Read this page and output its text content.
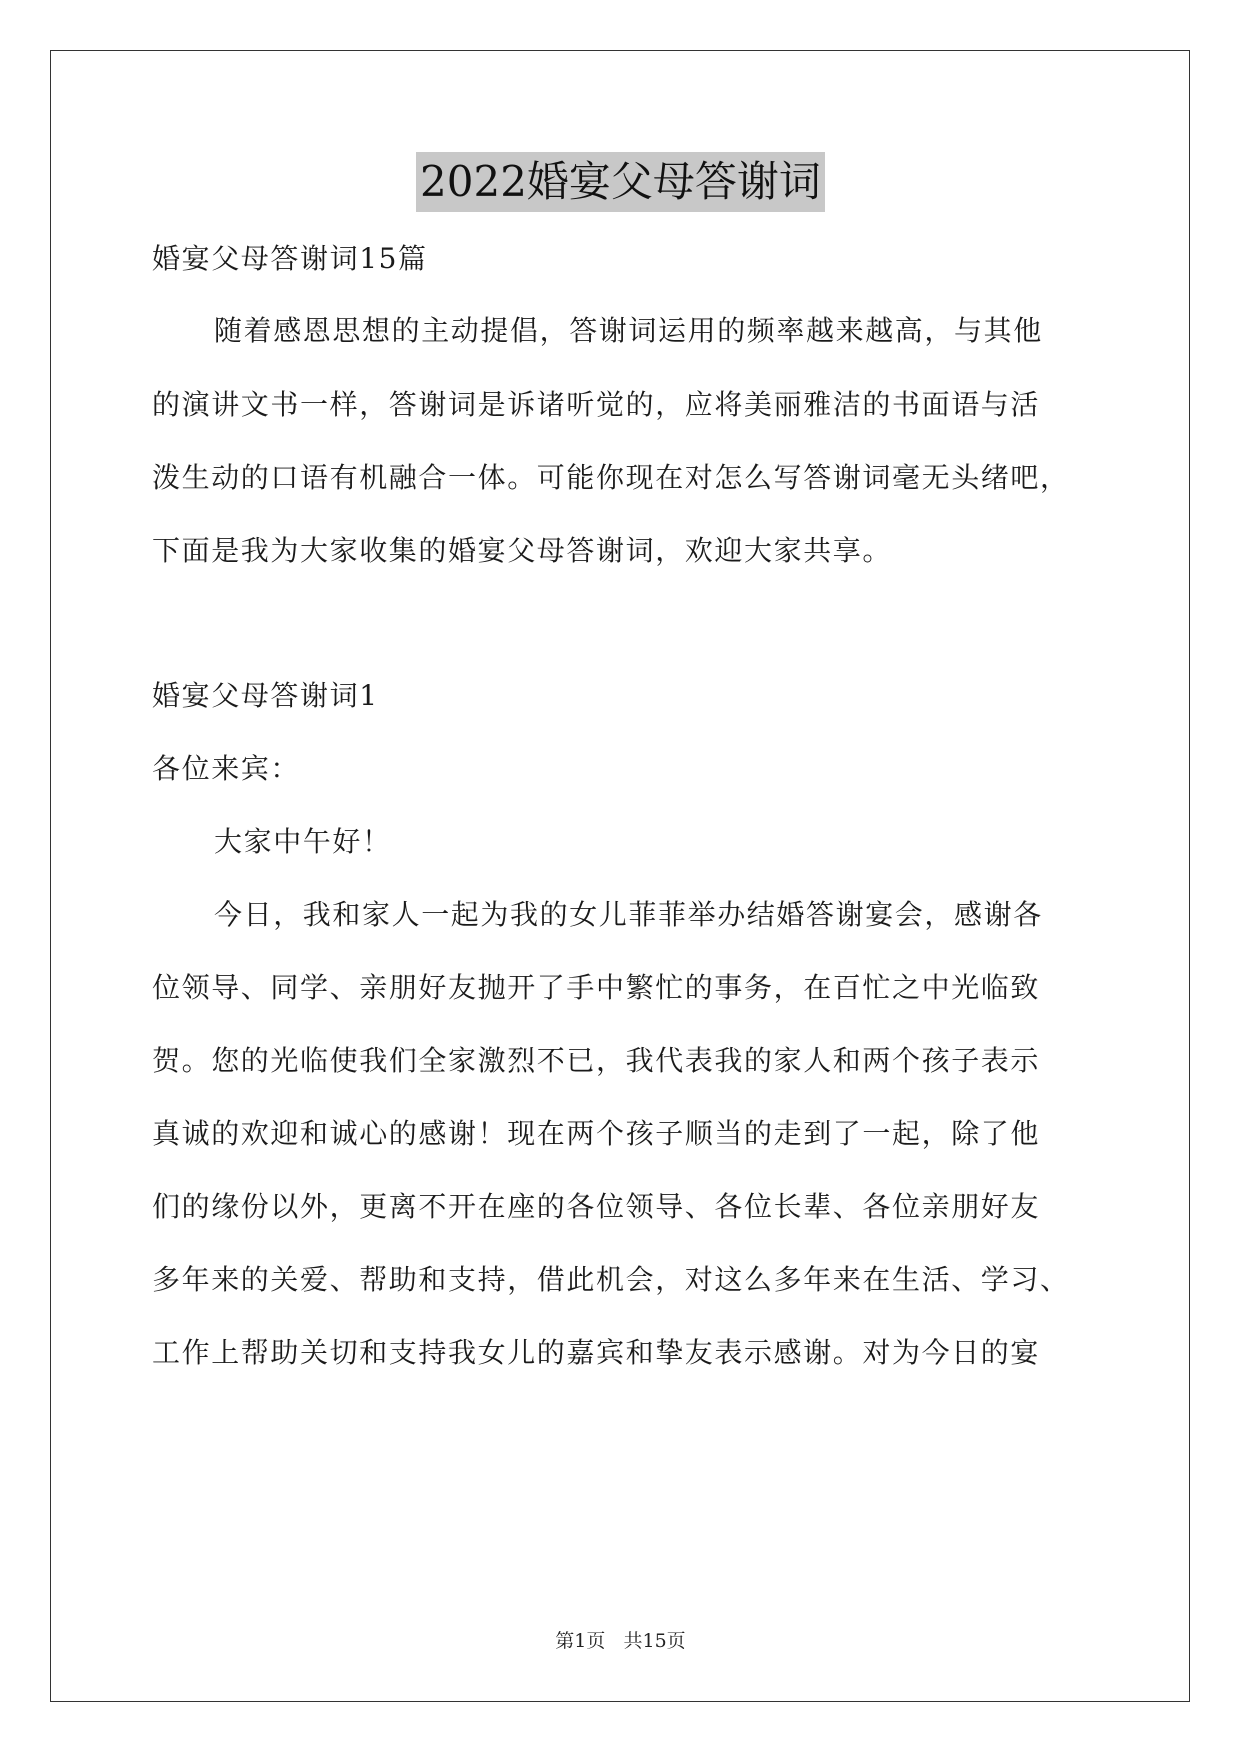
2022婚宴父母答谢词
婚宴父母答谢词15篇
随着感恩思想的主动提倡，答谢词运用的频率越来越高，与其他
的演讲文书一样，答谢词是诉诸听觉的，应将美丽雅洁的书面语与活
泼生动的口语有机融合一体。可能你现在对怎么写答谢词毫无头绪吧，
下面是我为大家收集的婚宴父母答谢词，欢迎大家共享。
婚宴父母答谢词1
各位来宾：
大家中午好！
今日，我和家人一起为我的女儿菲菲举办结婚答谢宴会，感谢各
位领导、同学、亲朋好友抛开了手中繁忙的事务，在百忙之中光临致
贺。您的光临使我们全家激烈不已，我代表我的家人和两个孩子表示
真诚的欢迎和诚心的感谢！现在两个孩子顺当的走到了一起，除了他
们的缘份以外，更离不开在座的各位领导、各位长辈、各位亲朋好友
多年来的关爱、帮助和支持，借此机会，对这么多年来在生活、学习、
工作上帮助关切和支持我女儿的嘉宾和挚友表示感谢。对为今日的宴
第1页   共15页
